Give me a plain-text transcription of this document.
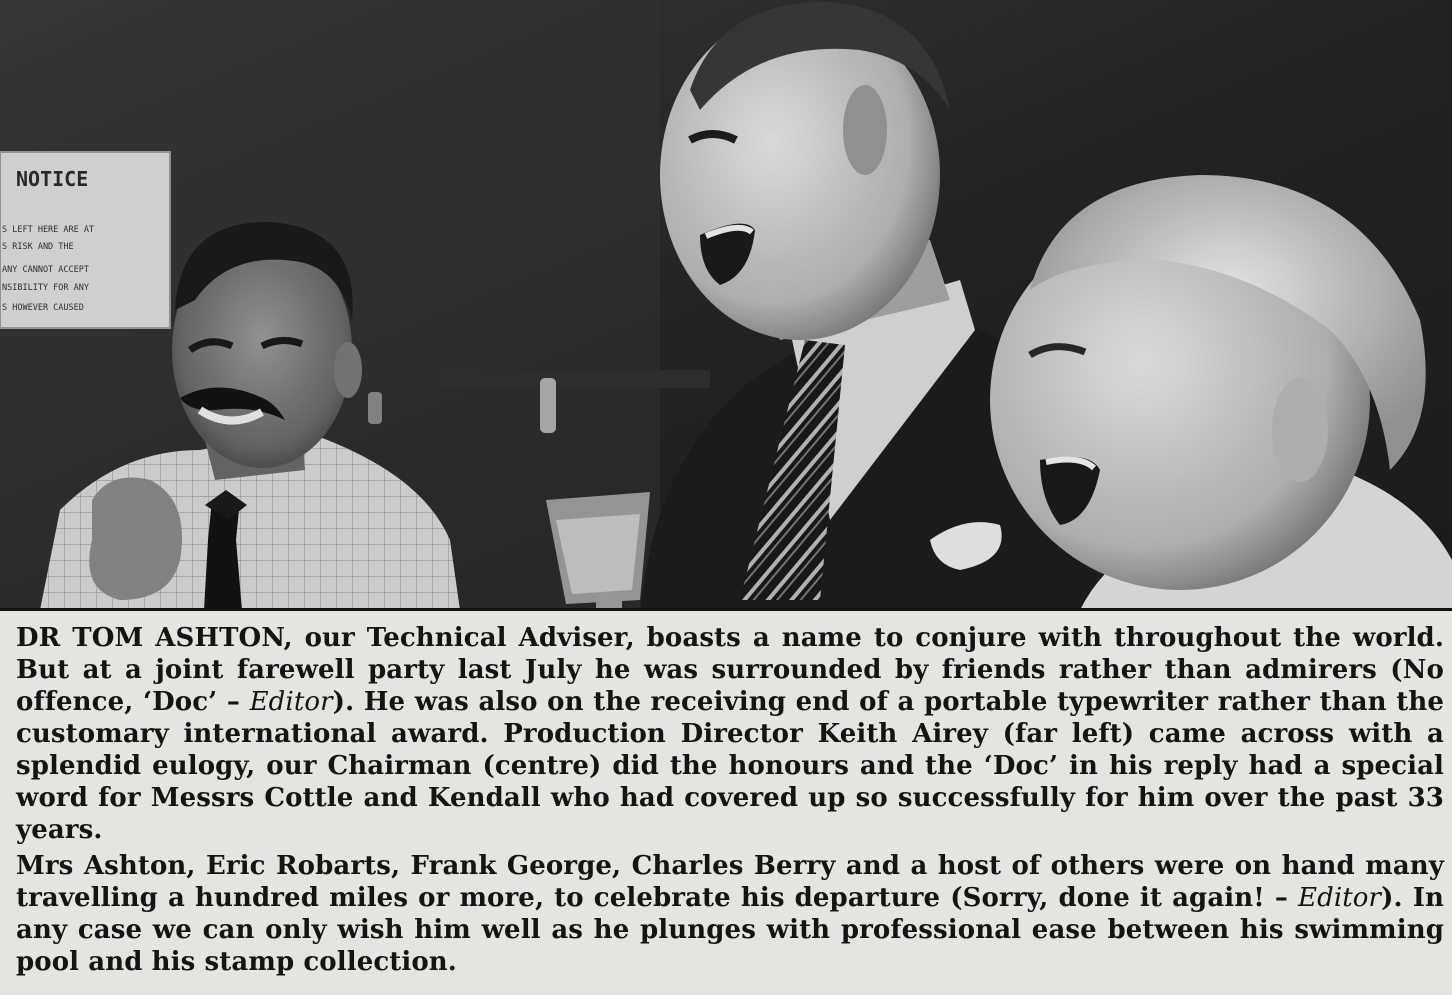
NOTICE
S LEFT HERE ARE AT
S RISK AND THE
ANY CANNOT ACCEPT
NSIBILITY FOR ANY
S HOWEVER CAUSED

DR TOM ASHTON, our Technical Adviser, boasts a name to conjure with throughout the world. But at a joint farewell party last July he was surrounded by friends rather than admirers (No offence, ‘Doc’ – Editor). He was also on the receiving end of a portable typewriter rather than the customary international award. Production Director Keith Airey (far left) came across with a splendid eulogy, our Chairman (centre) did the honours and the ‘Doc’ in his reply had a special word for Messrs Cottle and Kendall who had covered up so successfully for him over the past 33 years.

Mrs Ashton, Eric Robarts, Frank George, Charles Berry and a host of others were on hand many travelling a hundred miles or more, to celebrate his departure (Sorry, done it again! – Editor). In any case we can only wish him well as he plunges with professional ease between his swimming pool and his stamp collection.
